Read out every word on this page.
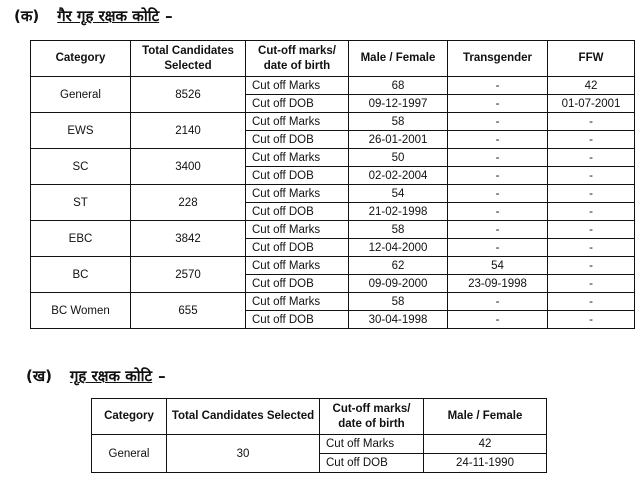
(क) गैर गृह रक्षक कोटि –
Category	Total Candidates Selected	Cut-off marks/ date of birth	Male / Female	Transgender	FFW
General	8526	Cut off Marks	68	-	42
		Cut off DOB	09-12-1997	-	01-07-2001
EWS	2140	Cut off Marks	58	-	-
		Cut off DOB	26-01-2001	-	-
SC	3400	Cut off Marks	50	-	-
		Cut off DOB	02-02-2004	-	-
ST	228	Cut off Marks	54	-	-
		Cut off DOB	21-02-1998	-	-
EBC	3842	Cut off Marks	58	-	-
		Cut off DOB	12-04-2000	-	-
BC	2570	Cut off Marks	62	54	-
		Cut off DOB	09-09-2000	23-09-1998	-
BC Women	655	Cut off Marks	58	-	-
		Cut off DOB	30-04-1998	-	-
(ख) गृह रक्षक कोटि –
Category	Total Candidates Selected	Cut-off marks/ date of birth	Male / Female
General	30	Cut off Marks	42
		Cut off DOB	24-11-1990
